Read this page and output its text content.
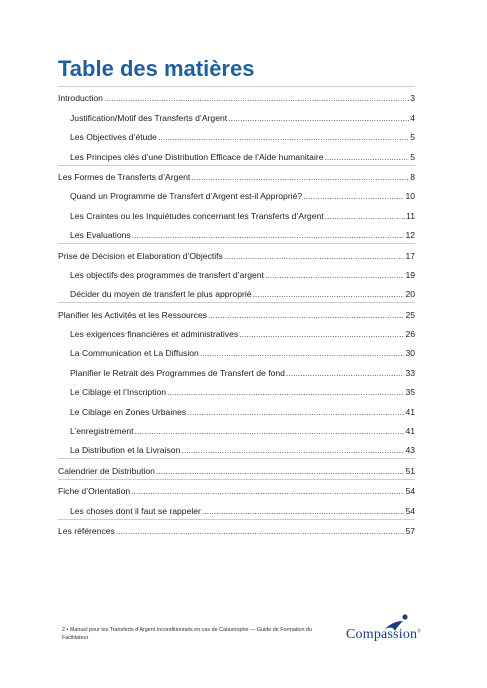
Table des matières
Introduction .....	3
Justification/Motif des Transferts d’Argent .....	4
Les Objectives d’étude .....	5
Les Principes clés d’une Distribution Efficace de l’Aide humanitaire .....	5
Les Formes de Transferts d’Argent .....	8
Quand un Programme de Transfert d’Argent est-il Approprié? .....	10
Les Craintes ou les Inquiétudes concernant les Transferts d’Argent .....	11
Les Evaluations .....	12
Prise de Décision et Elaboration d’Objectifs .....	17
Les objectifs des programmes de transfert d’argent .....	19
Décider du moyen de transfert le plus approprié .....	20
Planifier les Activités et les Ressources .....	25
Les exigences financières et administratives .....	26
La Communication et La Diffusion .....	30
Planifier le Retrait des Programmes de Transfert de fond .....	33
Le Ciblage et l’Inscription .....	35
Le Ciblage en Zones Urbaines .....	41
L’enregistrement .....	41
La Distribution et la Livraison .....	43
Calendrier de Distribution .....	51
Fiche d’Orientation .....	54
Les choses dont il faut se rappeler .....	54
Les références .....	57
2 • Manuel pour les Transferts d’Argent Inconditionnels en cas de Catastrophe — Guide de Formation du Facilitateur	Compassion®
